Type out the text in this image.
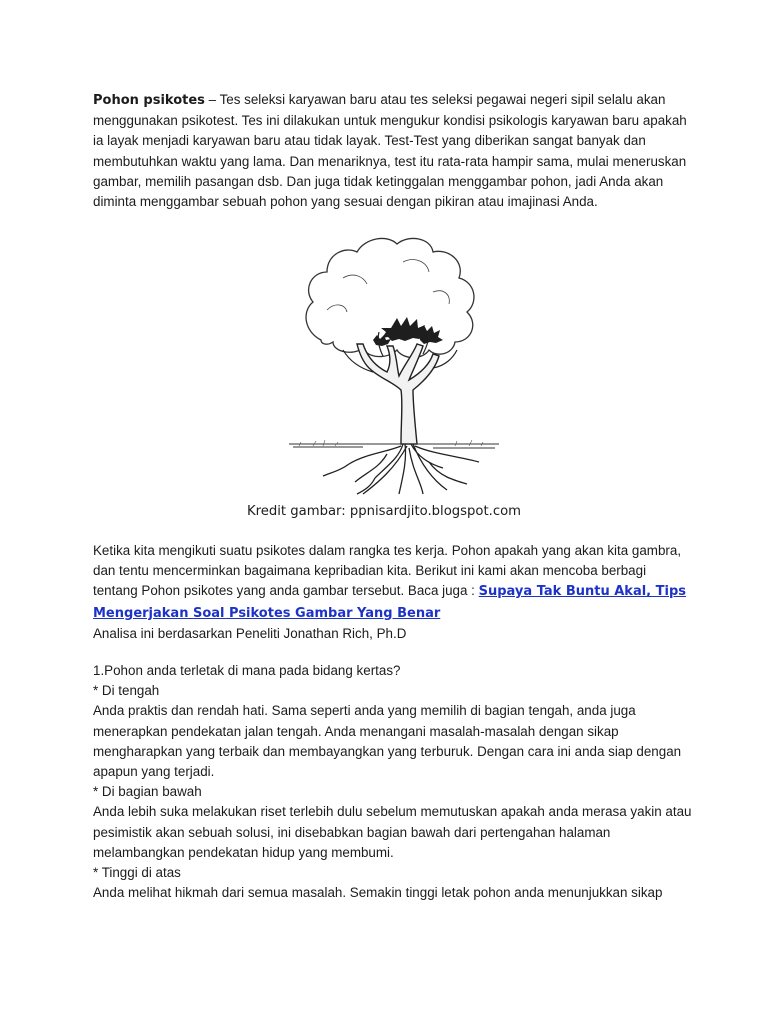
Pohon psikotes – Tes seleksi karyawan baru atau tes seleksi pegawai negeri sipil selalu akan menggunakan psikotest. Tes ini dilakukan untuk mengukur kondisi psikologis karyawan baru apakah ia layak menjadi karyawan baru atau tidak layak. Test-Test yang diberikan sangat banyak dan membutuhkan waktu yang lama. Dan menariknya, test itu rata-rata hampir sama, mulai meneruskan gambar, memilih pasangan dsb. Dan juga tidak ketinggalan menggambar pohon, jadi Anda akan diminta menggambar sebuah pohon yang sesuai dengan pikiran atau imajinasi Anda.
Kredit gambar: ppnisardjito.blogspot.com
Ketika kita mengikuti suatu psikotes dalam rangka tes kerja. Pohon apakah yang akan kita gambra, dan tentu mencerminkan bagaimana kepribadian kita. Berikut ini kami akan mencoba berbagi tentang Pohon psikotes yang anda gambar tersebut. Baca juga : Supaya Tak Buntu Akal, Tips Mengerjakan Soal Psikotes Gambar Yang Benar
Analisa ini berdasarkan Peneliti Jonathan Rich, Ph.D
1.Pohon anda terletak di mana pada bidang kertas?
* Di tengah
Anda praktis dan rendah hati. Sama seperti anda yang memilih di bagian tengah, anda juga menerapkan pendekatan jalan tengah. Anda menangani masalah-masalah dengan sikap mengharapkan yang terbaik dan membayangkan yang terburuk. Dengan cara ini anda siap dengan apapun yang terjadi.
* Di bagian bawah
Anda lebih suka melakukan riset terlebih dulu sebelum memutuskan apakah anda merasa yakin atau pesimistik akan sebuah solusi, ini disebabkan bagian bawah dari pertengahan halaman melambangkan pendekatan hidup yang membumi.
* Tinggi di atas
Anda melihat hikmah dari semua masalah. Semakin tinggi letak pohon anda menunjukkan sikap
